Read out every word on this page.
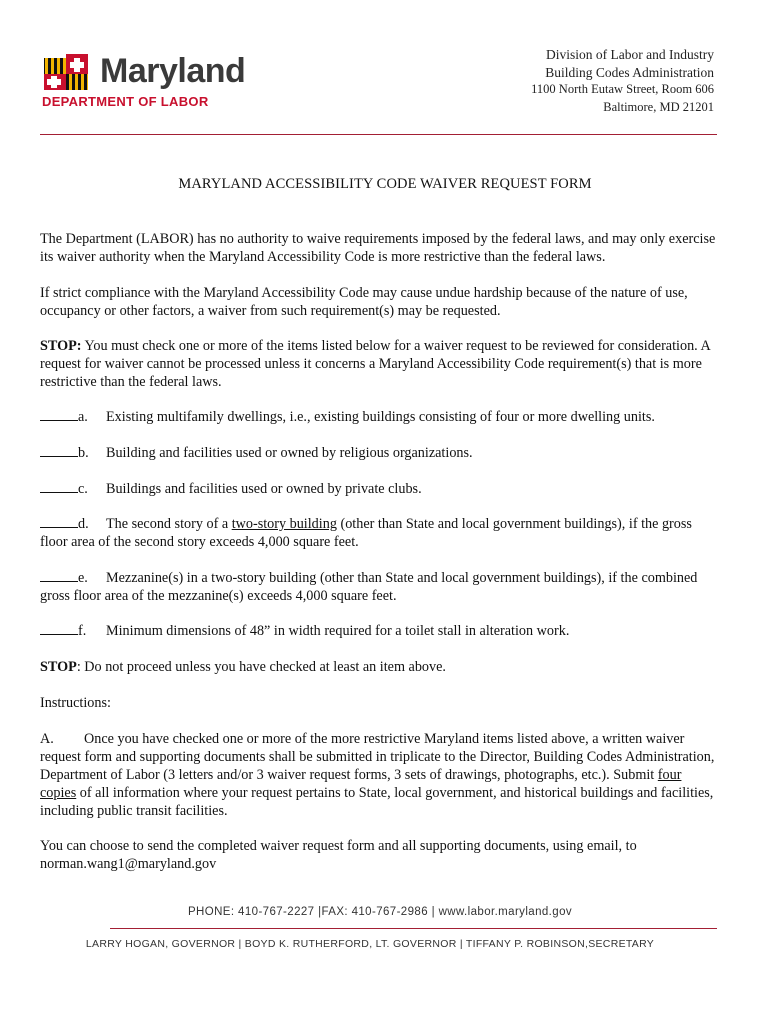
Maryland
DEPARTMENT OF LABOR
Division of Labor and Industry
Building Codes Administration
1100 North Eutaw Street, Room 606
Baltimore, MD 21201
MARYLAND ACCESSIBILITY CODE WAIVER REQUEST FORM
The Department (LABOR) has no authority to waive requirements imposed by the federal laws, and may only exercise its waiver authority when the Maryland Accessibility Code is more restrictive than the federal laws.
If strict compliance with the Maryland Accessibility Code may cause undue hardship because of the nature of use, occupancy or other factors, a waiver from such requirement(s) may be requested.
STOP: You must check one or more of the items listed below for a waiver request to be reviewed for consideration. A request for waiver cannot be processed unless it concerns a Maryland Accessibility Code requirement(s) that is more restrictive than the federal laws.
a. Existing multifamily dwellings, i.e., existing buildings consisting of four or more dwelling units.
b. Building and facilities used or owned by religious organizations.
c. Buildings and facilities used or owned by private clubs.
d. The second story of a two-story building (other than State and local government buildings), if the gross floor area of the second story exceeds 4,000 square feet.
e. Mezzanine(s) in a two-story building (other than State and local government buildings), if the combined gross floor area of the mezzanine(s) exceeds 4,000 square feet.
f. Minimum dimensions of 48” in width required for a toilet stall in alteration work.
STOP: Do not proceed unless you have checked at least an item above.
Instructions:
A. Once you have checked one or more of the more restrictive Maryland items listed above, a written waiver request form and supporting documents shall be submitted in triplicate to the Director, Building Codes Administration, Department of Labor (3 letters and/or 3 waiver request forms, 3 sets of drawings, photographs, etc.). Submit four copies of all information where your request pertains to State, local government, and historical buildings and facilities, including public transit facilities.
You can choose to send the completed waiver request form and all supporting documents, using email, to norman.wang1@maryland.gov
PHONE: 410-767-2227 |FAX: 410-767-2986 | www.labor.maryland.gov
LARRY HOGAN, GOVERNOR | BOYD K. RUTHERFORD, LT. GOVERNOR | TIFFANY P. ROBINSON,SECRETARY
